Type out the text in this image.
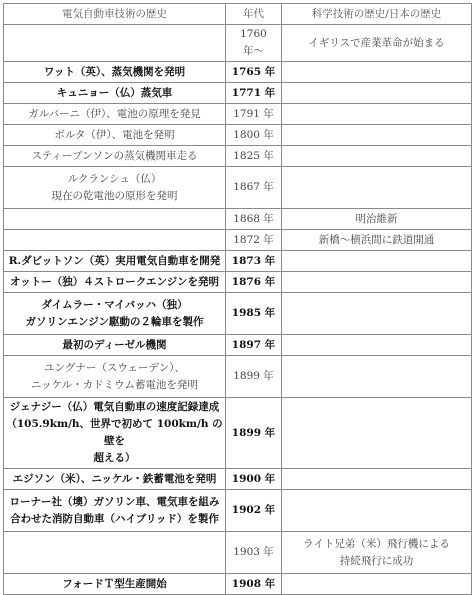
電気自動車技術の歴史	年代	科学技術の歴史/日本の歴史
	1760 年〜	イギリスで産業革命が始まる
ワット（英）、蒸気機関を発明	1765 年	
キュニョー（仏）蒸気車	1771 年	
ガルバーニ（伊）、電池の原理を発見	1791 年	
ボルタ（伊）、電池を発明	1800 年	
スティーブンソンの蒸気機関車走る	1825 年	
ルクランシュ（仏）
現在の乾電池の原形を発明	1867 年	
	1868 年	明治維新
	1872 年	新橋〜横浜間に鉄道開通
R.ダビットソン（英）実用電気自動車を開発	1873 年	
オットー（独）４ストロークエンジンを発明	1876 年	
ダイムラー・マイバッハ（独）
ガソリンエンジン駆動の２輪車を製作	1985 年	
最初のディーゼル機関	1897 年	
ユングナー（スウェーデン）、
ニッケル・カドミウム蓄電池を発明	1899 年	
ジェナジー（仏）電気自動車の速度記録達成
（105.9km/h、世界で初めて 100km/h の壁を
超える）	1899 年	
エジソン（米）、ニッケル・鉄蓄電池を発明	1900 年	
ローナー社（墺）ガソリン車、電気車を組み
合わせた消防自動車（ハイブリッド）を製作	1902 年	
	1903 年	ライト兄弟（米）飛行機による
持続飛行に成功
フォードＴ型生産開始	1908 年	
